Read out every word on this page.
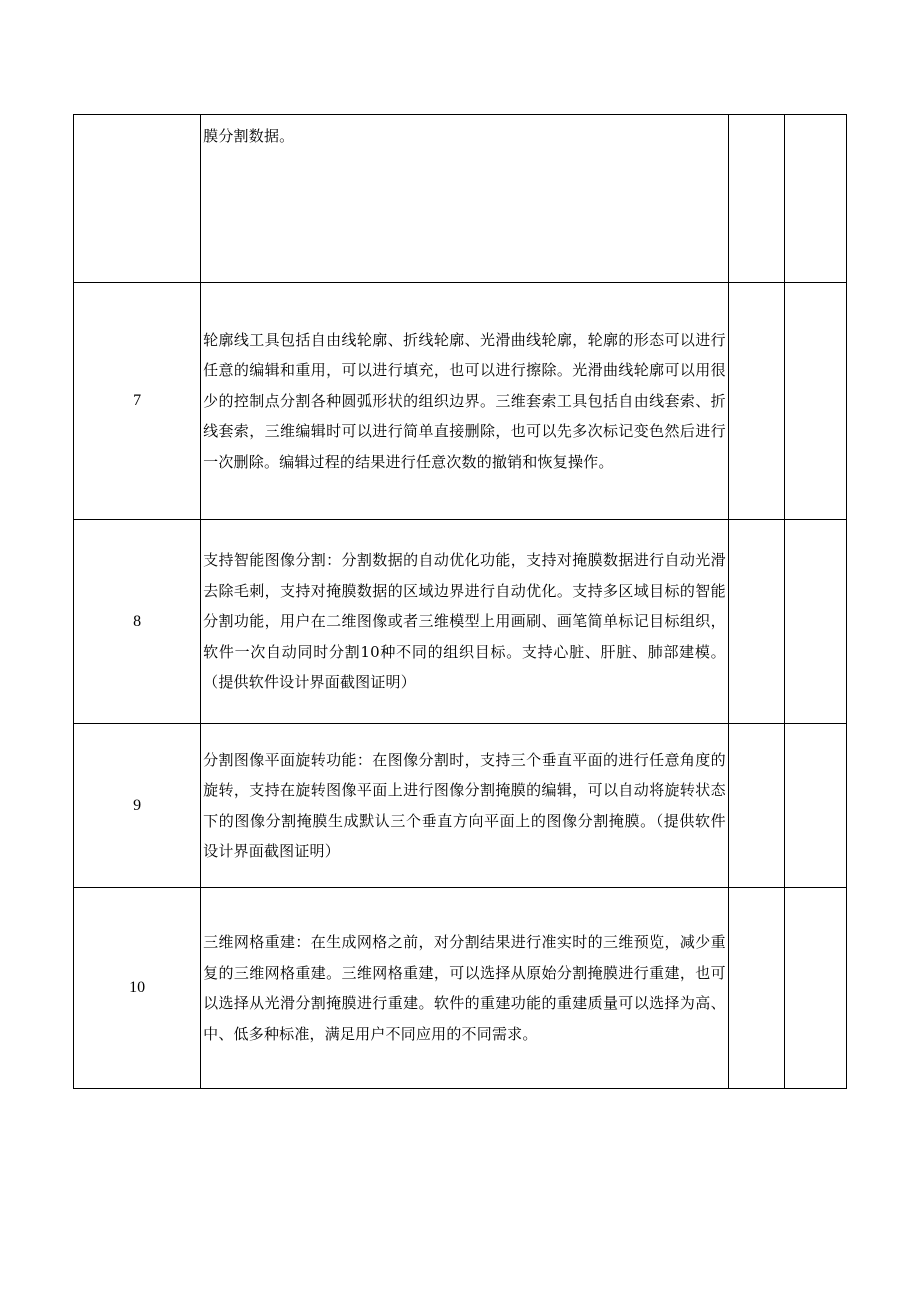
	膜分割数据。		
7	轮廓线工具包括自由线轮廓、折线轮廓、光滑曲线轮廓，轮廓的形态可以进行任意的编辑和重用，可以进行填充，也可以进行擦除。光滑曲线轮廓可以用很少的控制点分割各种圆弧形状的组织边界。三维套索工具包括自由线套索、折线套索，三维编辑时可以进行简单直接删除，也可以先多次标记变色然后进行一次删除。编辑过程的结果进行任意次数的撤销和恢复操作。		
8	支持智能图像分割：分割数据的自动优化功能，支持对掩膜数据进行自动光滑去除毛刺，支持对掩膜数据的区域边界进行自动优化。支持多区域目标的智能分割功能，用户在二维图像或者三维模型上用画刷、画笔简单标记目标组织，软件一次自动同时分割10种不同的组织目标。支持心脏、肝脏、肺部建模。（提供软件设计界面截图证明）		
9	分割图像平面旋转功能：在图像分割时，支持三个垂直平面的进行任意角度的旋转，支持在旋转图像平面上进行图像分割掩膜的编辑，可以自动将旋转状态下的图像分割掩膜生成默认三个垂直方向平面上的图像分割掩膜。（提供软件设计界面截图证明）		
10	三维网格重建：在生成网格之前，对分割结果进行准实时的三维预览，减少重复的三维网格重建。三维网格重建，可以选择从原始分割掩膜进行重建，也可以选择从光滑分割掩膜进行重建。软件的重建功能的重建质量可以选择为高、中、低多种标准，满足用户不同应用的不同需求。		
